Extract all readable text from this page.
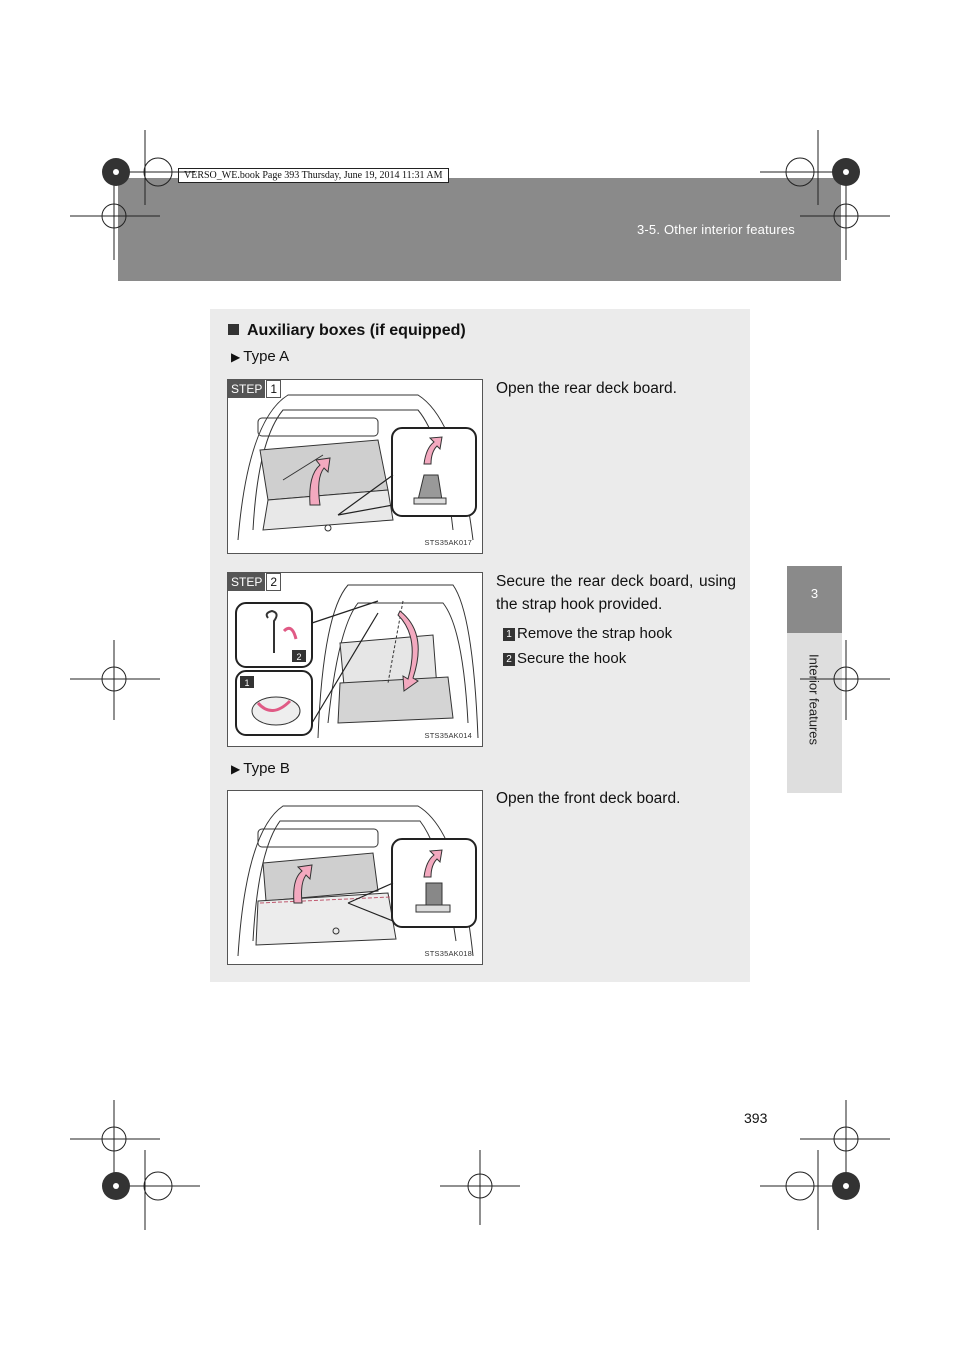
3-5. Other interior features
VERSO_WE.book Page 393 Thursday, June 19, 2014 11:31 AM
3
Interior features
Auxiliary boxes (if equipped)
▶ Type A
STEP 1
STS35AK017
Open the rear deck board.
2
1
STEP 2
STS35AK014
Secure the rear deck board, using the strap hook provided.
1 Remove the strap hook
2 Secure the hook
▶ Type B
STS35AK018
Open the front deck board.
393
